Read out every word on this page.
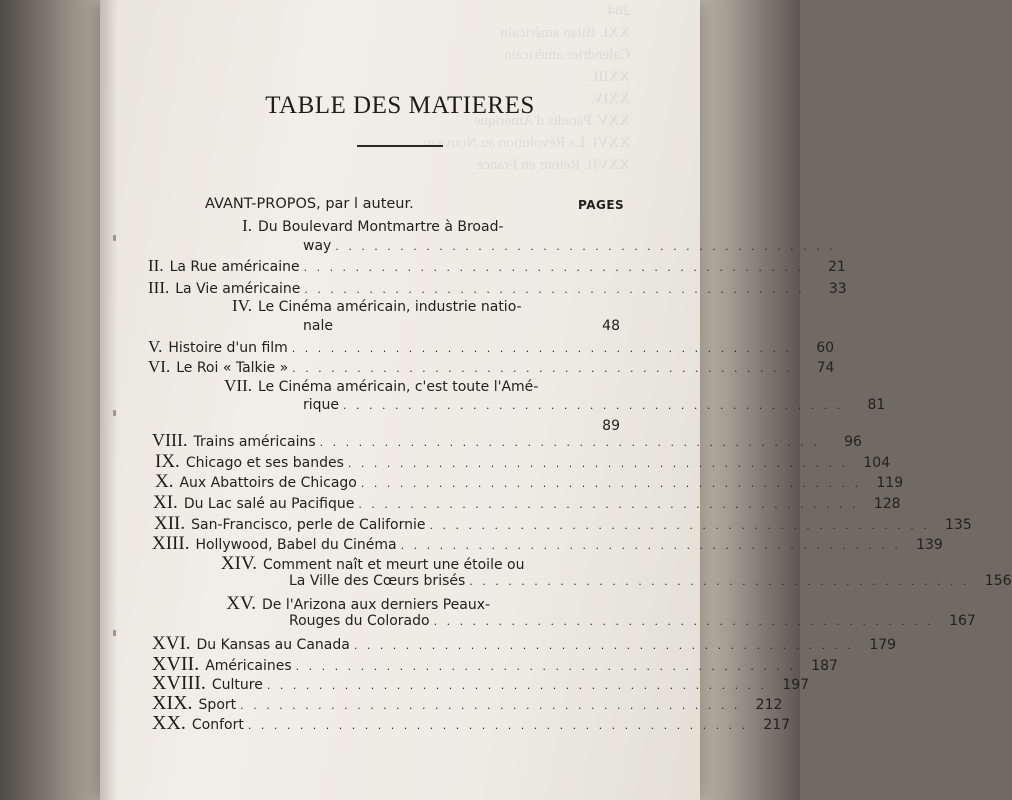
284
XXI. Bilan américain
Calendrier américain
XXIII.
XXIV.
XXV. Paradis d'Amérique
XXVI. La Révolution au Nouveau
XXVII. Retour en France
TABLE DES MATIERES
AVANT-PROPOS, par l auteur.	PAGES
I. Du Boulevard Montmartre à Broad-
way . . . . . . . . . . . . . . . . . . . . . . . . . . . . . . . . . . . . . . .
II. La Rue américaine . . . . . . . . . . . . . . . . . . . . . . . . . . . . . . . . . . . . . . .	21
III. La Vie américaine . . . . . . . . . . . . . . . . . . . . . . . . . . . . . . . . . . . . . . .	33
IV. Le Cinéma américain, industrie natio-
nale	48
V. Histoire d'un film . . . . . . . . . . . . . . . . . . . . . . . . . . . . . . . . . . . . . . .	60
VI. Le Roi « Talkie » . . . . . . . . . . . . . . . . . . . . . . . . . . . . . . . . . . . . . . .	74
VII. Le Cinéma américain, c'est toute l'Amé-
rique . . . . . . . . . . . . . . . . . . . . . . . . . . . . . . . . . . . . . . .	81
89
VIII. Trains américains . . . . . . . . . . . . . . . . . . . . . . . . . . . . . . . . . . . . . . .	96
IX. Chicago et ses bandes . . . . . . . . . . . . . . . . . . . . . . . . . . . . . . . . . . . . . . .	104
X. Aux Abattoirs de Chicago . . . . . . . . . . . . . . . . . . . . . . . . . . . . . . . . . . . . . . .	119
XI. Du Lac salé au Pacifique . . . . . . . . . . . . . . . . . . . . . . . . . . . . . . . . . . . . . . .	128
XII. San-Francisco, perle de Californie . . . . . . . . . . . . . . . . . . . . . . . . . . . . . . . . . . . . . . .	135
XIII. Hollywood, Babel du Cinéma . . . . . . . . . . . . . . . . . . . . . . . . . . . . . . . . . . . . . . .	139
XIV. Comment naît et meurt une étoile ou
La Ville des Cœurs brisés . . . . . . . . . . . . . . . . . . . . . . . . . . . . . . . . . . . . . . .	156
XV. De l'Arizona aux derniers Peaux-
Rouges du Colorado . . . . . . . . . . . . . . . . . . . . . . . . . . . . . . . . . . . . . . .	167
XVI. Du Kansas au Canada . . . . . . . . . . . . . . . . . . . . . . . . . . . . . . . . . . . . . . .	179
XVII. Américaines . . . . . . . . . . . . . . . . . . . . . . . . . . . . . . . . . . . . . . .	187
XVIII. Culture . . . . . . . . . . . . . . . . . . . . . . . . . . . . . . . . . . . . . . .	197
XIX. Sport . . . . . . . . . . . . . . . . . . . . . . . . . . . . . . . . . . . . . . .	212
XX. Confort . . . . . . . . . . . . . . . . . . . . . . . . . . . . . . . . . . . . . . .	217
